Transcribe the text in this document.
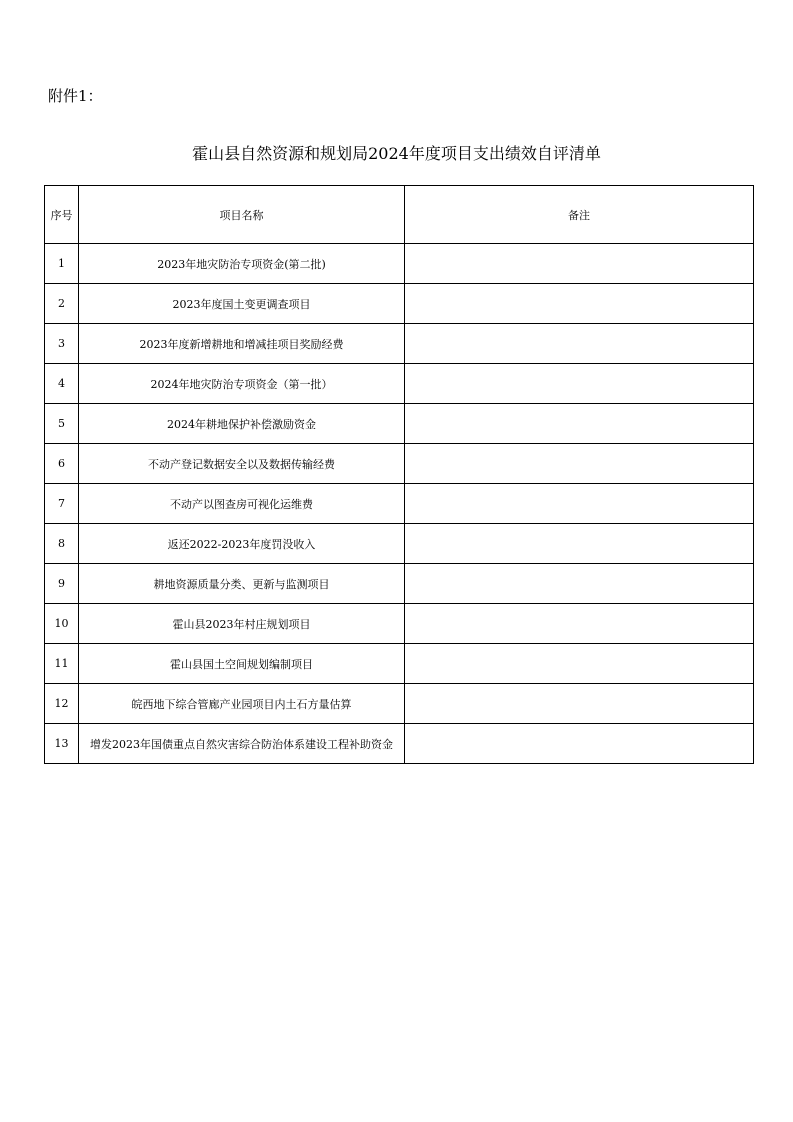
附件1：
霍山县自然资源和规划局2024年度项目支出绩效自评清单
序号	项目名称	备注
1	2023年地灾防治专项资金(第二批)	
2	2023年度国土变更调查项目	
3	2023年度新增耕地和增减挂项目奖励经费	
4	2024年地灾防治专项资金（第一批）	
5	2024年耕地保护补偿激励资金	
6	不动产登记数据安全以及数据传输经费	
7	不动产以图查房可视化运维费	
8	返还2022-2023年度罚没收入	
9	耕地资源质量分类、更新与监测项目	
10	霍山县2023年村庄规划项目	
11	霍山县国土空间规划编制项目	
12	皖西地下综合管廊产业园项目内土石方量估算	
13	增发2023年国债重点自然灾害综合防治体系建设工程补助资金	
